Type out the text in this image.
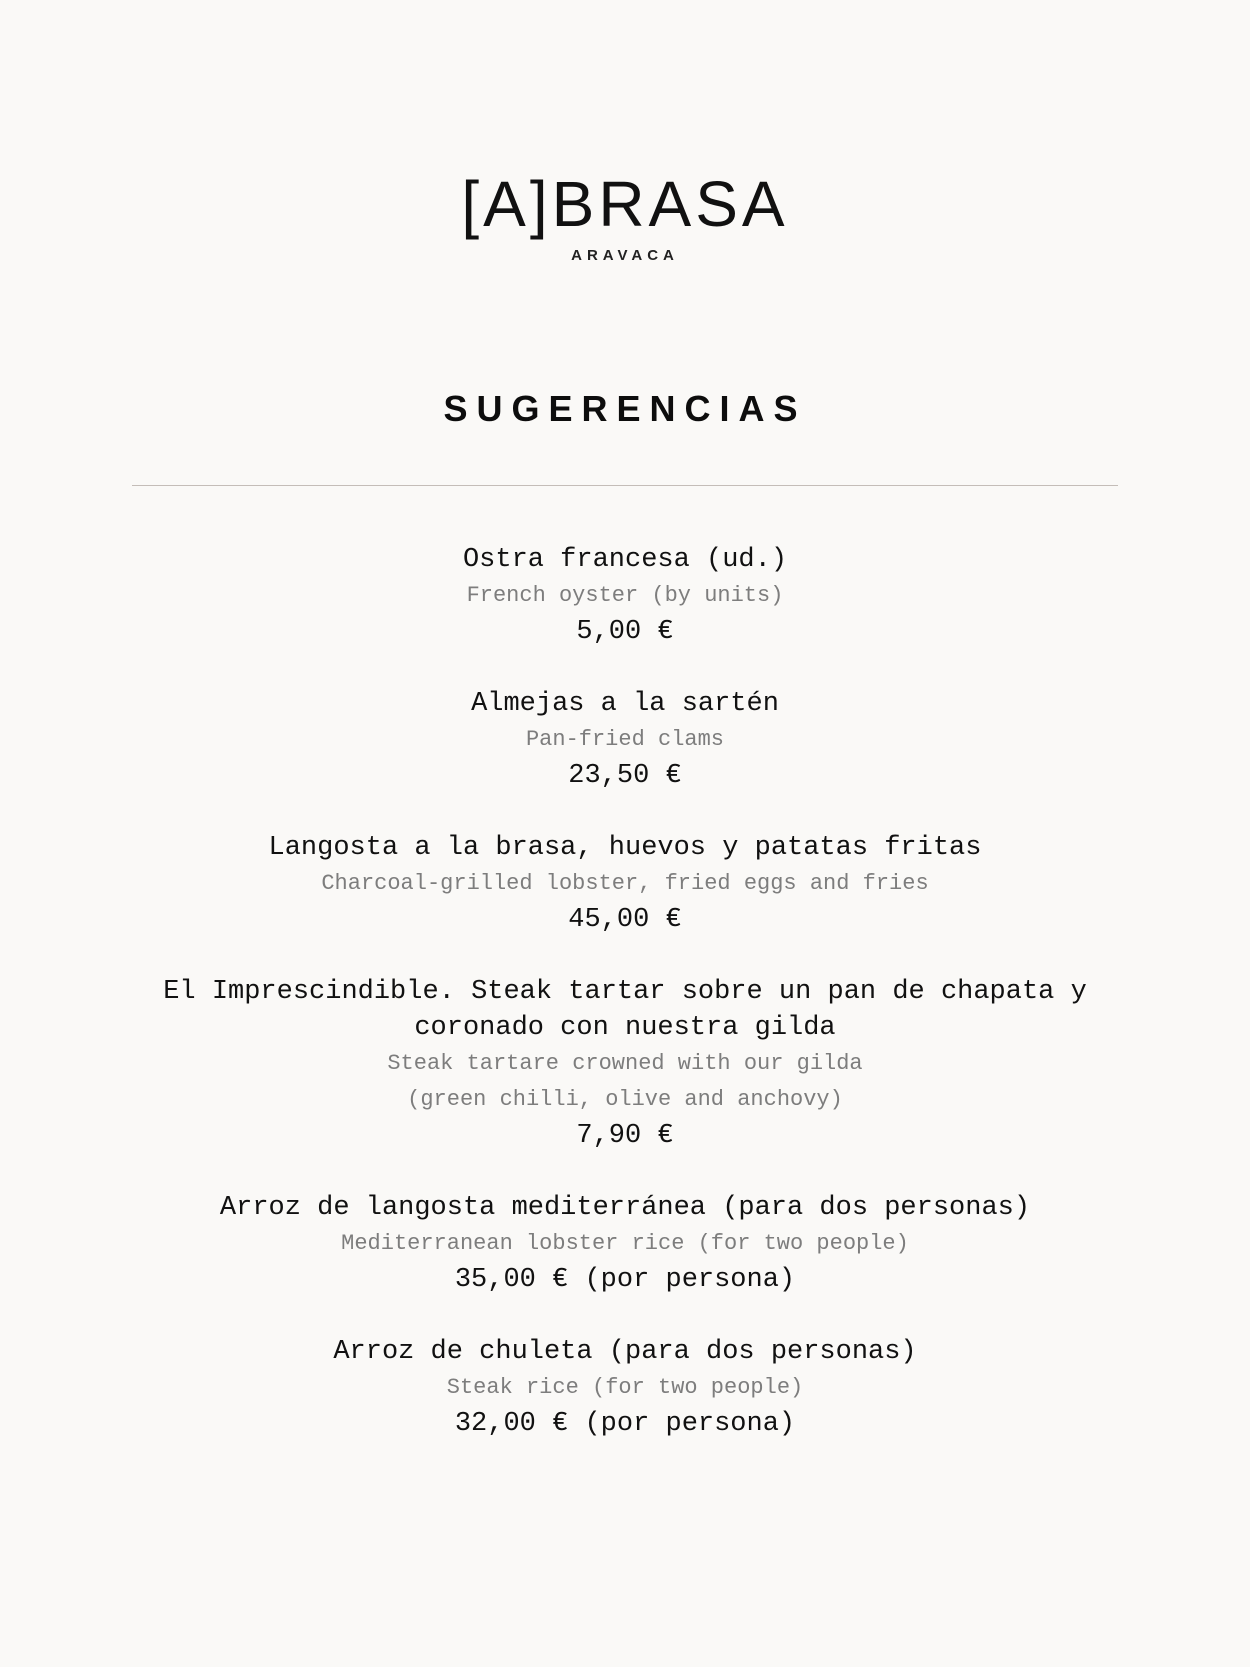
[A]BRASA
ARAVACA
SUGERENCIAS
Ostra francesa (ud.)
French oyster (by units)
5,00 €
Almejas a la sartén
Pan-fried clams
23,50 €
Langosta a la brasa, huevos y patatas fritas
Charcoal-grilled lobster, fried eggs and fries
45,00 €
El Imprescindible. Steak tartar sobre un pan de chapata y coronado con nuestra gilda
Steak tartare crowned with our gilda
(green chilli, olive and anchovy)
7,90 €
Arroz de langosta mediterránea (para dos personas)
Mediterranean lobster rice (for two people)
35,00 € (por persona)
Arroz de chuleta (para dos personas)
Steak rice (for two people)
32,00 € (por persona)
